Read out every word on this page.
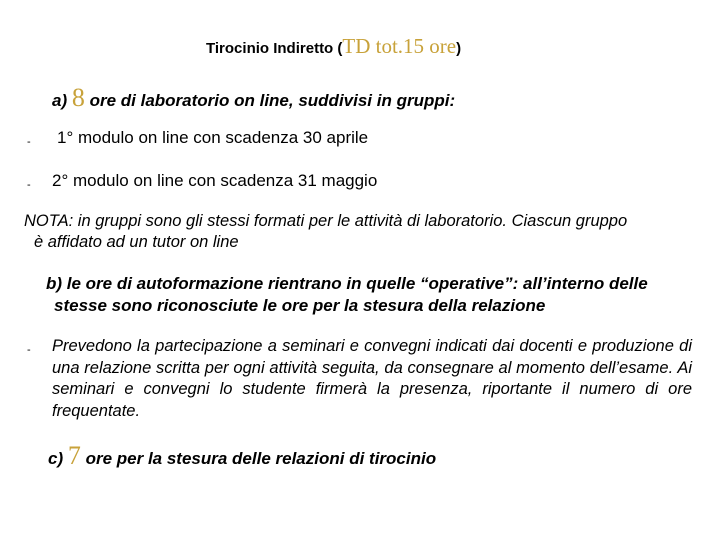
Tirocinio Indiretto (TD tot.15 ore)
a) 8 ore di laboratorio on line, suddivisi in gruppi:
- 1° modulo on line con scadenza 30 aprile
- 2° modulo on line con scadenza 31 maggio
NOTA: in gruppi sono gli stessi formati per le attività di laboratorio. Ciascun gruppo
è affidato ad un tutor on line
b) le ore di autoformazione rientrano in quelle “operative”: all’interno delle
stesse sono riconosciute le ore per la stesura della relazione
- Prevedono la partecipazione a seminari e convegni indicati dai docenti e produzione di una relazione scritta per ogni attività seguita, da consegnare al momento dell’esame. Ai seminari e convegni lo studente firmerà la presenza, riportante il numero di ore frequentate.
c) 7 ore per la stesura delle relazioni di tirocinio
